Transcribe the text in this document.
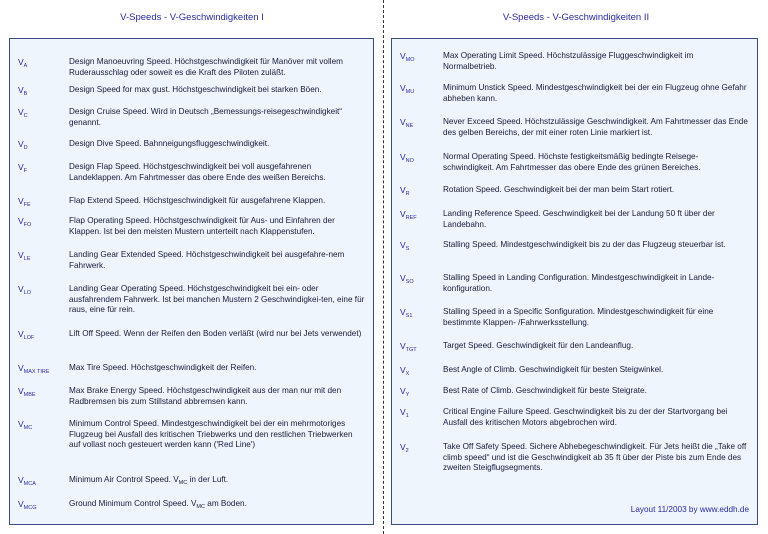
V-Speeds - V-Geschwindigkeiten I	V-Speeds - V-Geschwindigkeiten II
$V_A$	Design Manoeuvring Speed. Höchstgeschwindigkeit für Manöver mit vollem Ruderausschlag oder soweit es die Kraft des Piloten zuläßt.
$V_B$	Design Speed for max gust. Höchstgeschwindigkeit bei starken Böen.
$V_C$	Design Cruise Speed. Wird in Deutsch „Bemessungs-reisegeschwindigkeit“ genannt.
$V_D$	Design Dive Speed. Bahnneigungsfluggeschwindigkeit.
$V_F$	Design Flap Speed. Höchstgeschwindigkeit bei voll ausgefahrenen Landeklappen. Am Fahrtmesser das obere Ende des weißen Bereichs.
$V_{FE}$	Flap Extend Speed. Höchstgeschwindigkeit für ausgefahrene Klappen.
$V_{FO}$	Flap Operating Speed. Höchstgeschwindigkeit für Aus- und Einfahren der Klappen. Ist bei den meisten Mustern unterteilt nach Klappenstufen.
$V_{LE}$	Landing Gear Extended Speed. Höchstgeschwindigkeit bei ausgefahre-nem Fahrwerk.
$V_{LO}$	Landing Gear Operating Speed. Höchstgeschwindigkeit bei ein- oder ausfahrendem Fahrwerk. Ist bei manchen Mustern 2 Geschwindigkei-ten, eine für raus, eine für rein.
$V_{LOF}$	Lift Off Speed. Wenn der Reifen den Boden verläßt (wird nur bei Jets verwendet)
$V_{MAX TIRE}$ Max Tire Speed. Höchstgeschwindigkeit der Reifen.
$V_{MBE}$	Max Brake Energy Speed. Höchstgeschwindigkeit aus der man nur mit den Radbremsen bis zum Stillstand abbremsen kann.
$V_{MC}$	Minimum Control Speed. Mindestgeschwindigkeit bei der ein mehrmotoriges Flugzeug bei Ausfall des kritischen Triebwerks und den restlichen Triebwerken auf vollast noch gesteuert werden kann ('Red Line')
$V_{MCA}$	Minimum Air Control Speed. $V_{MC}$ in der Luft.
$V_{MCG}$	Ground Minimum Control Speed. $V_{MC}$ am Boden.
Layout 11/2003 by www.eddh.de
$V_{MO}$	Max Operating Limit Speed. Höchstzulässige Fluggeschwindigkeit im Normalbetrieb.
$V_{MU}$	Minimum Unstick Speed. Mindestgeschwindigkeit bei der ein Flugzeug ohne Gefahr abheben kann.
$V_{NE}$	Never Exceed Speed. Höchstzulässige Geschwindigkeit. Am Fahrtmesser das Ende des gelben Bereichs, der mit einer roten Linie markiert ist.
$V_{NO}$	Normal Operating Speed. Höchste festigkeitsmäßig bedingte Reisege-schwindigkeit. Am Fahrtmesser das obere Ende des grünen Bereiches.
$V_R$	Rotation Speed. Geschwindigkeit bei der man beim Start rotiert.
$V_{REF}$	Landing Reference Speed. Geschwindigkeit bei der Landung 50 ft über der Landebahn.
$V_S$	Stalling Speed. Mindestgeschwindigkeit bis zu der das Flugzeug steuerbar ist.
$V_{SO}$	Stalling Speed in Landing Configuration. Mindestgeschwindigkeit in Lande-konfiguration.
$V_{S1}$	Stalling Speed in a Specific Sonfiguration. Mindestgeschwindigkeit für eine bestimmte Klappen- /Fahrwerksstellung.
$V_{TGT}$	Target Speed. Geschwindigkeit für den Landeanflug.
$V_X$	Best Angle of Climb. Geschwindigkeit für besten Steigwinkel.
$V_Y$	Best Rate of Climb. Geschwindigkeit für beste Steigrate.
$V_1$	Critical Engine Failure Speed. Geschwindigkeit bis zu der der Startvorgang bei Ausfall des kritischen Motors abgebrochen wird.
$V_2$	Take Off Safety Speed. Sichere Abhebegeschwindigkeit. Für Jets heißt die „Take off climb speed“ und ist die Geschwindigkeit ab 35 ft über der Piste bis zum Ende des zweiten Steigflugsegments.
